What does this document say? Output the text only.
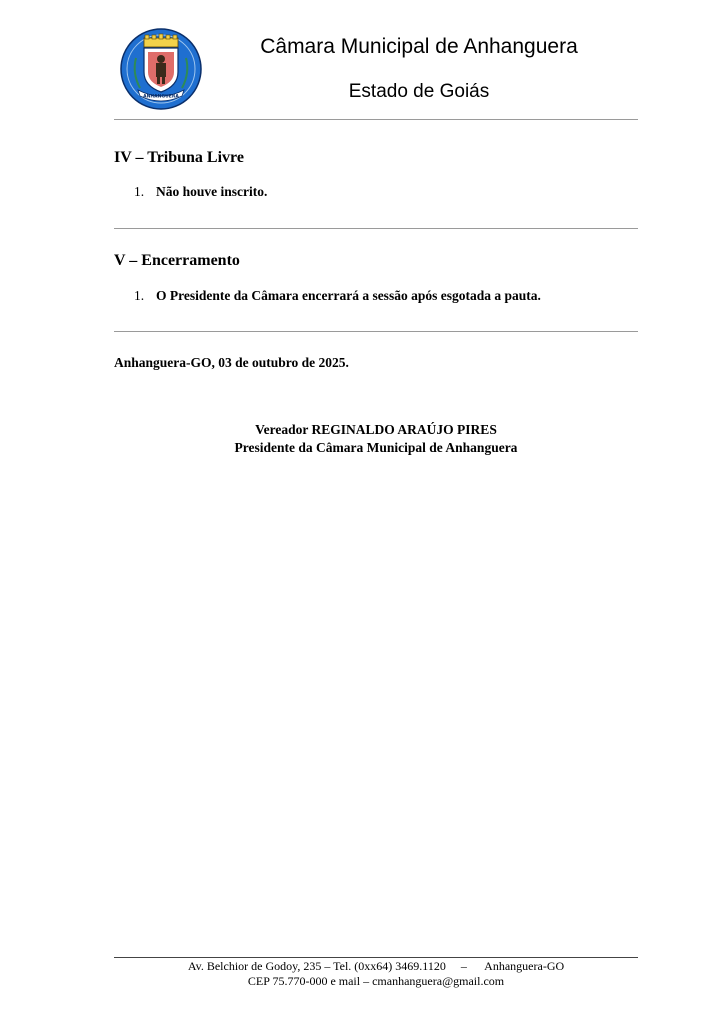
ANHANGUERA
Câmara Municipal de Anhanguera
Estado de Goiás
IV – Tribuna Livre
1. Não houve inscrito.
V – Encerramento
1. O Presidente da Câmara encerrará a sessão após esgotada a pauta.
Anhanguera-GO, 03 de outubro de 2025.
Vereador REGINALDO ARAÚJO PIRES
Presidente da Câmara Municipal de Anhanguera
Av. Belchior de Godoy, 235 – Tel. (0xx64) 3469.1120     –      Anhanguera-GO
CEP 75.770-000 e mail – cmanhanguera@gmail.com
